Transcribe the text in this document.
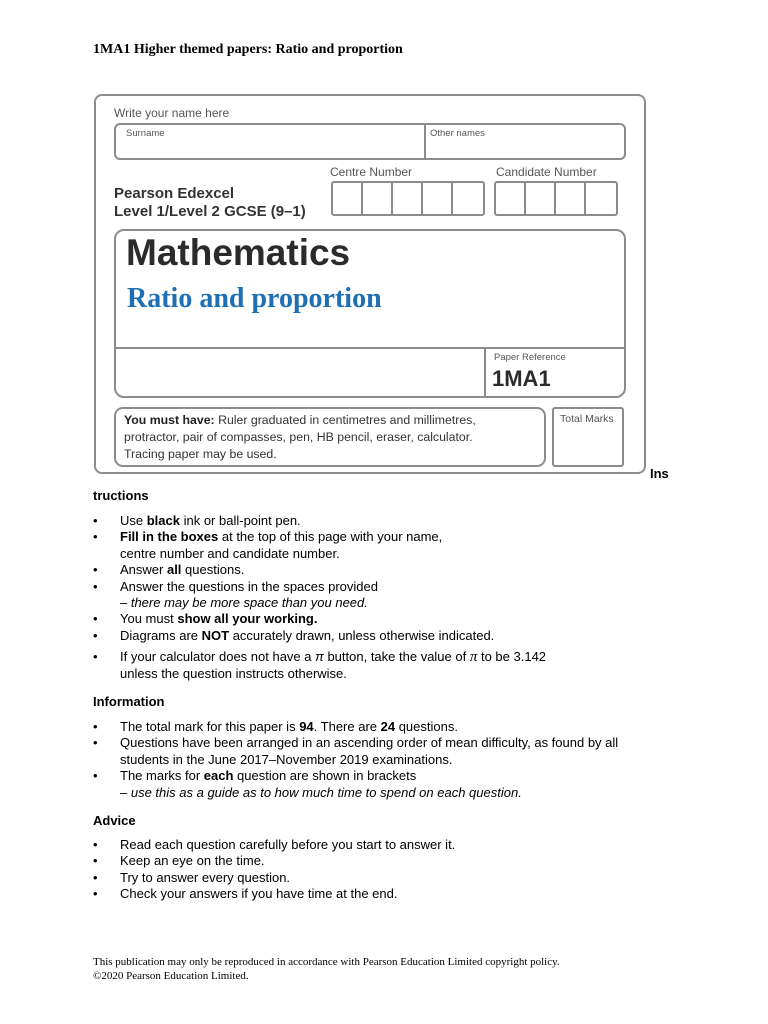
1MA1 Higher themed papers: Ratio and proportion
Write your name here
Surname	Other names
Centre Number	Candidate Number
Pearson Edexcel
Level 1/Level 2 GCSE (9–1)
Mathematics
Ratio and proportion
Paper Reference
1MA1
You must have: Ruler graduated in centimetres and millimetres,
protractor, pair of compasses, pen, HB pencil, eraser, calculator.
Tracing paper may be used.
Total Marks
Ins
tructions
• Use black ink or ball-point pen.
• Fill in the boxes at the top of this page with your name,
centre number and candidate number.
• Answer all questions.
• Answer the questions in the spaces provided
– there may be more space than you need.
• You must show all your working.
• Diagrams are NOT accurately drawn, unless otherwise indicated.
• If your calculator does not have a π button, take the value of π to be 3.142
unless the question instructs otherwise.
Information
• The total mark for this paper is 94. There are 24 questions.
• Questions have been arranged in an ascending order of mean difficulty, as found by all
students in the June 2017–November 2019 examinations.
• The marks for each question are shown in brackets
– use this as a guide as to how much time to spend on each question.
Advice
• Read each question carefully before you start to answer it.
• Keep an eye on the time.
• Try to answer every question.
• Check your answers if you have time at the end.
This publication may only be reproduced in accordance with Pearson Education Limited copyright policy.
©2020 Pearson Education Limited.
